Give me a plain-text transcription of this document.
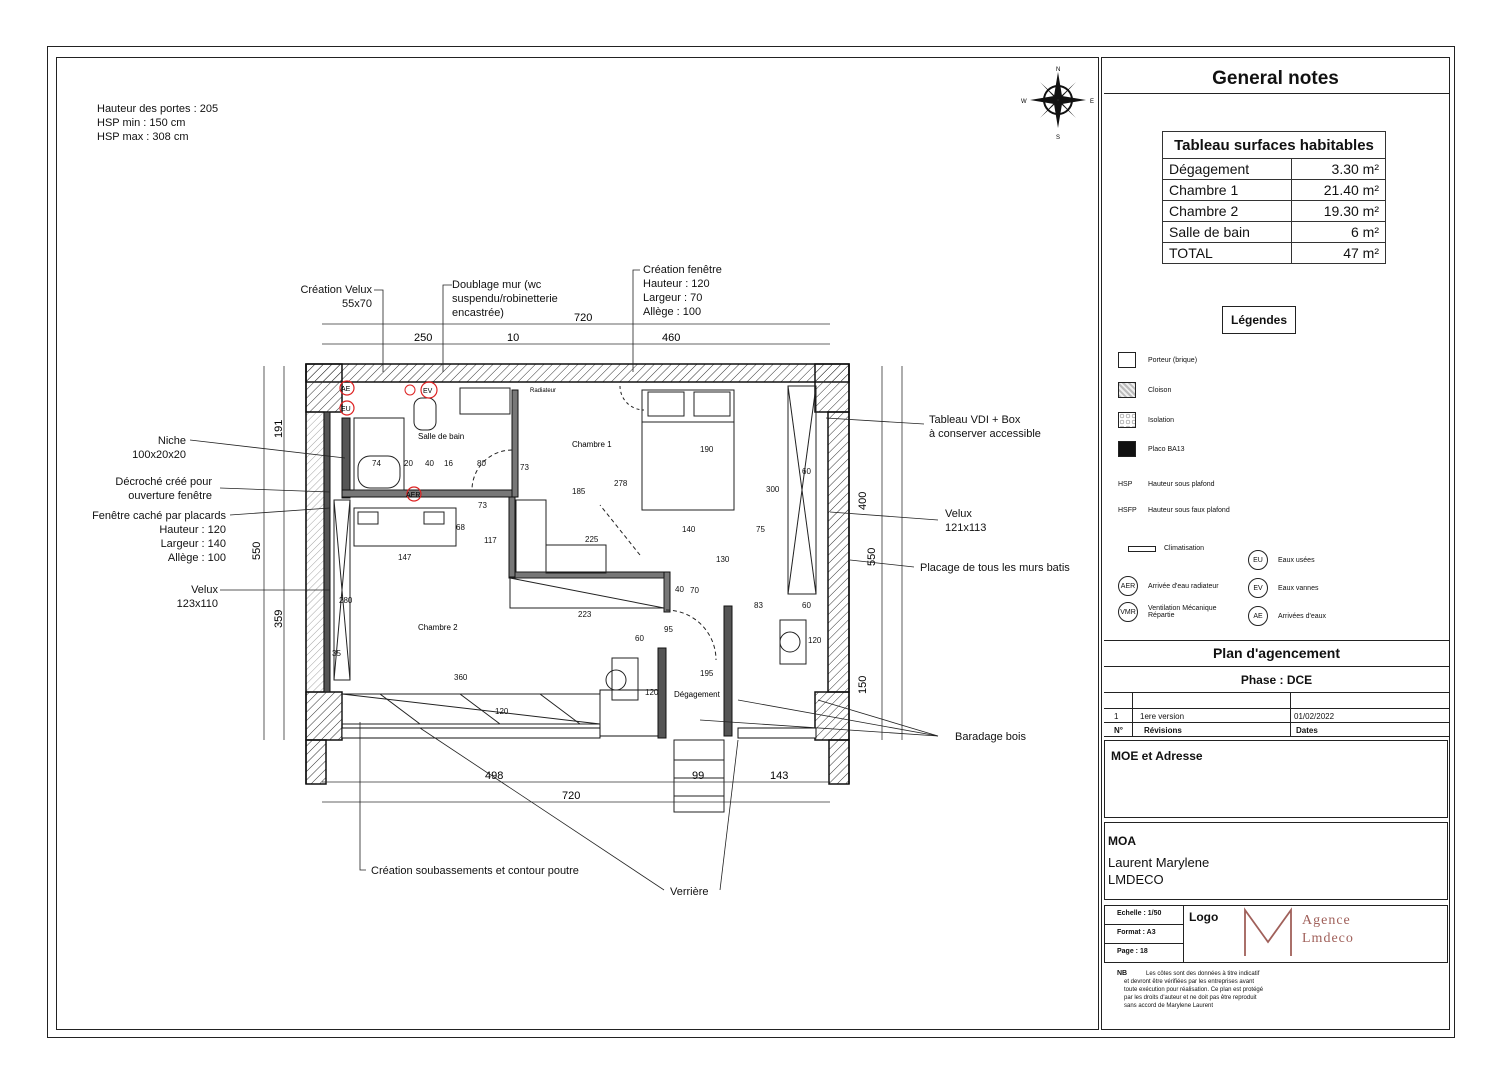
Hauteur des portes : 205
HSP min : 150 cm
HSP max : 308 cm
N
S
E
W
AE
EU
EV
AER
Salle de bain
Chambre 1
Chambre 2
Dégagement
Radiateur
74	20 40 16	80	73
185
278
190
300
60
140	75
73
68
147
117	225
130
40 70
223
83	60
120
280
35
360
120
60
95
195
120
720
250	10	460
720
498	99	143
550
191
359
550
400
150
Création Velux
55x70
Doublage mur (wc
suspendu/robinetterie
encastrée)
Création fenêtre
Hauteur : 120
Largeur : 70
Allège : 100
Tableau VDI + Box
à conserver accessible
Niche
100x20x20
Décroché créé pour
ouverture fenêtre
Fenêtre caché par placards
Hauteur : 120
Largeur : 140
Allège : 100
Velux
123x110
Velux
121x113
Placage de tous les murs batis
Baradage bois
Création soubassements et contour poutre
Verrière
General notes
Tableau surfaces habitables	
Dégagement	3.30 m²
Chambre 1	21.40 m²
Chambre 2	19.30 m²
Salle de bain	6 m²
TOTAL	47 m²
Légendes
Porteur (brique)
Cloison
Isolation
Placo BA13
HSP	Hauteur sous plafond
HSFP	Hauteur sous faux plafond
Climatisation
EU	Eaux usées
AER	Arrivée d'eau radiateur	EV	Eaux vannes
VMR	Ventilation Mécanique Répartie	AE	Arrivées d'eaux
Plan d'agencement
Phase : DCE
1	1ere version	01/02/2022
N°	Révisions	Dates
MOE et Adresse
MOA
Laurent Marylene
LMDECO
Echelle : 1/50
Format : A3
Page : 18
Logo	Agence
Lmdeco
NB	Les côtes sont des données à titre indicatif et devront être vérifiées par les entreprises avant toute exécution pour réalisation. Ce plan est protégé par les droits d'auteur et ne doit pas être reproduit sans accord de Marylene Laurent
